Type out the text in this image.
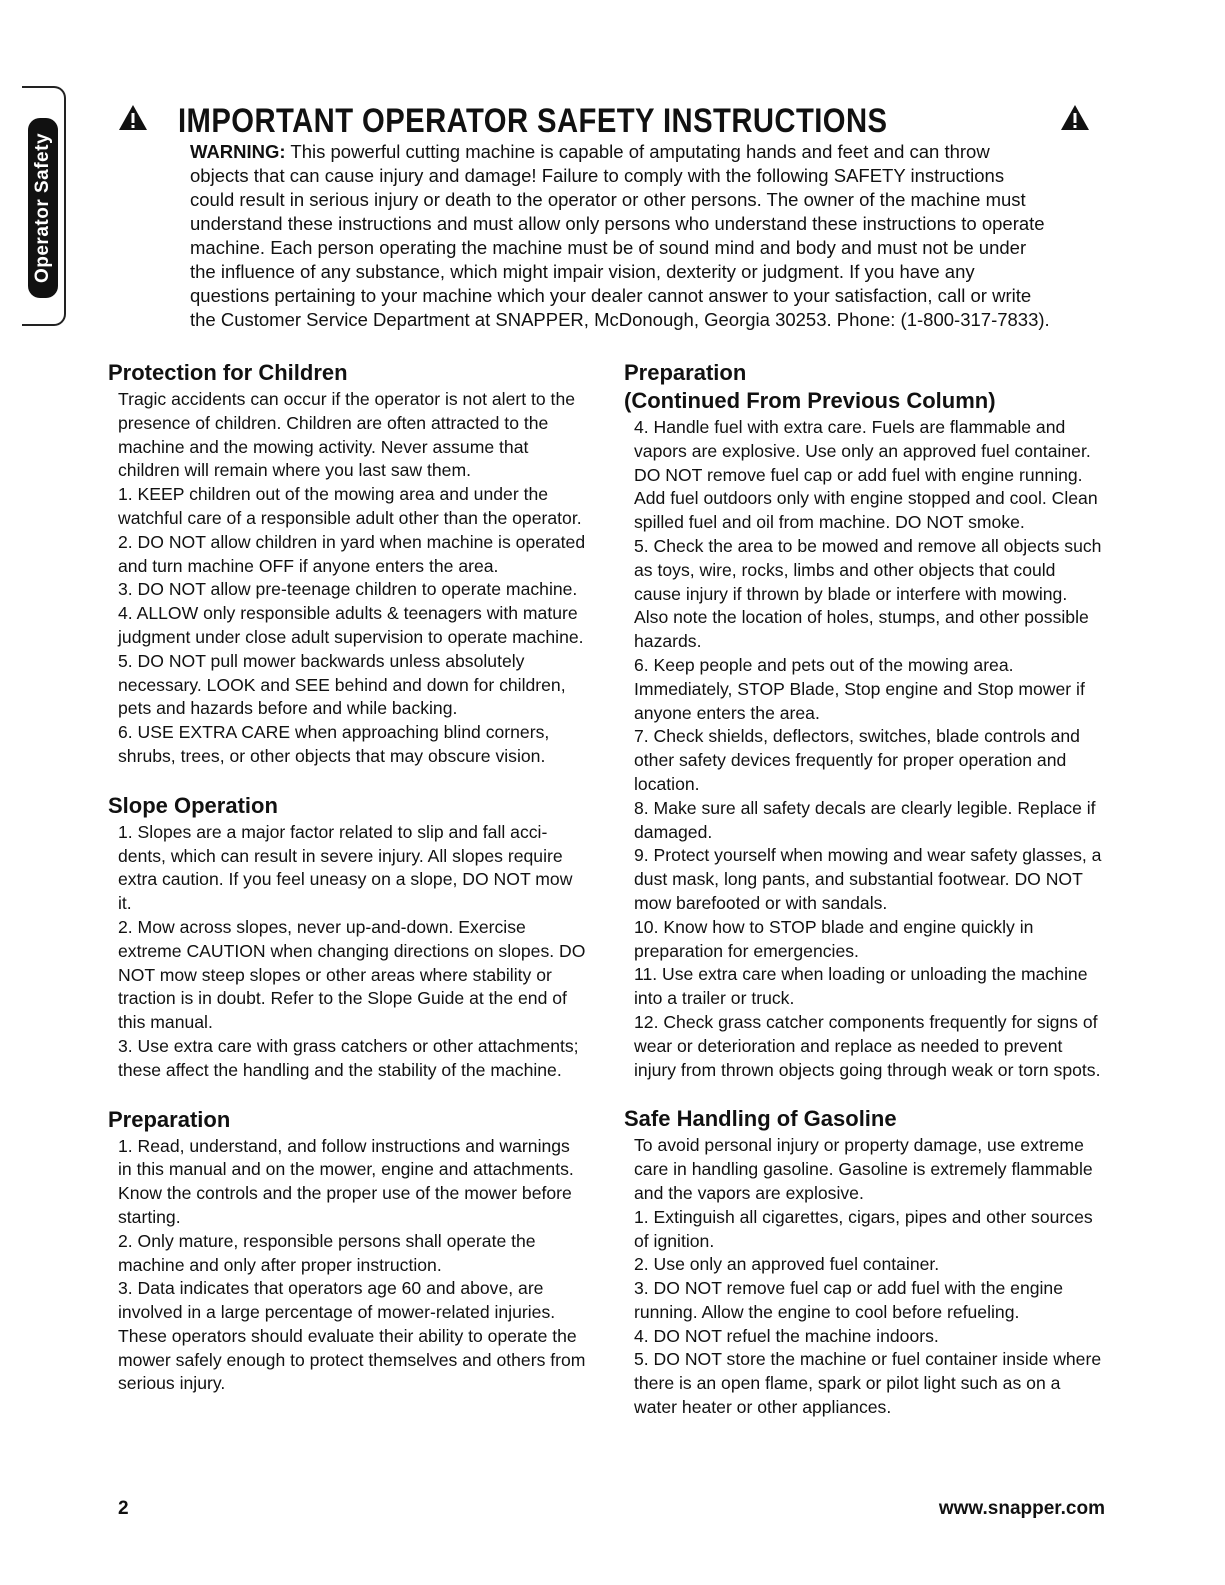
Operator Safety
IMPORTANT OPERATOR SAFETY INSTRUCTIONS

WARNING: This powerful cutting machine is capable of amputating hands and feet and can throw objects that can cause injury and damage! Failure to comply with the following SAFETY instructions could result in serious injury or death to the operator or other persons. The owner of the machine must understand these instructions and must allow only persons who understand these instructions to operate machine. Each person operating the machine must be of sound mind and body and must not be under the influence of any substance, which might impair vision, dexterity or judgment. If you have any questions pertaining to your machine which your dealer cannot answer to your satisfaction, call or write the Customer Service Department at SNAPPER, McDonough, Georgia 30253. Phone: (1-800-317-7833).

Protection for Children

Tragic accidents can occur if the operator is not alert to the presence of children. Children are often attracted to the machine and the mowing activity. Never assume that children will remain where you last saw them.

1. KEEP children out of the mowing area and under the watchful care of a responsible adult other than the operator.

2. DO NOT allow children in yard when machine is operated and turn machine OFF if anyone enters the area.

3. DO NOT allow pre-teenage children to operate machine.

4. ALLOW only responsible adults & teenagers with mature judgment under close adult supervision to operate machine.

5. DO NOT pull mower backwards unless absolutely necessary. LOOK and SEE behind and down for children, pets and hazards before and while backing.

6. USE EXTRA CARE when approaching blind corners, shrubs, trees, or other objects that may obscure vision.

Slope Operation

1. Slopes are a major factor related to slip and fall acci-dents, which can result in severe injury. All slopes require extra caution. If you feel uneasy on a slope, DO NOT mow it.

2. Mow across slopes, never up-and-down. Exercise extreme CAUTION when changing directions on slopes. DO NOT mow steep slopes or other areas where stability or traction is in doubt. Refer to the Slope Guide at the end of this manual.

3. Use extra care with grass catchers or other attachments; these affect the handling and the stability of the machine.

Preparation

1. Read, understand, and follow instructions and warnings in this manual and on the mower, engine and attachments. Know the controls and the proper use of the mower before starting.

2. Only mature, responsible persons shall operate the machine and only after proper instruction.

3. Data indicates that operators age 60 and above, are involved in a large percentage of mower-related injuries. These operators should evaluate their ability to operate the mower safely enough to protect themselves and others from serious injury.

Preparation
(Continued From Previous Column)

4. Handle fuel with extra care. Fuels are flammable and vapors are explosive. Use only an approved fuel container. DO NOT remove fuel cap or add fuel with engine running. Add fuel outdoors only with engine stopped and cool. Clean spilled fuel and oil from machine. DO NOT smoke.

5. Check the area to be mowed and remove all objects such as toys, wire, rocks, limbs and other objects that could cause injury if thrown by blade or interfere with mowing. Also note the location of holes, stumps, and other possible hazards.

6. Keep people and pets out of the mowing area. Immediately, STOP Blade, Stop engine and Stop mower if anyone enters the area.

7. Check shields, deflectors, switches, blade controls and other safety devices frequently for proper operation and location.

8. Make sure all safety decals are clearly legible. Replace if damaged.

9. Protect yourself when mowing and wear safety glasses, a dust mask, long pants, and substantial footwear. DO NOT mow barefooted or with sandals.

10. Know how to STOP blade and engine quickly in preparation for emergencies.

11. Use extra care when loading or unloading the machine into a trailer or truck.

12. Check grass catcher components frequently for signs of wear or deterioration and replace as needed to prevent injury from thrown objects going through weak or torn spots.

Safe Handling of Gasoline

To avoid personal injury or property damage, use extreme care in handling gasoline. Gasoline is extremely flammable and the vapors are explosive.

1. Extinguish all cigarettes, cigars, pipes and other sources of ignition.

2. Use only an approved fuel container.

3. DO NOT remove fuel cap or add fuel with the engine running. Allow the engine to cool before refueling.

4. DO NOT refuel the machine indoors.

5. DO NOT store the machine or fuel container inside where there is an open flame, spark or pilot light such as on a water heater or other appliances.

2	www.snapper.com
